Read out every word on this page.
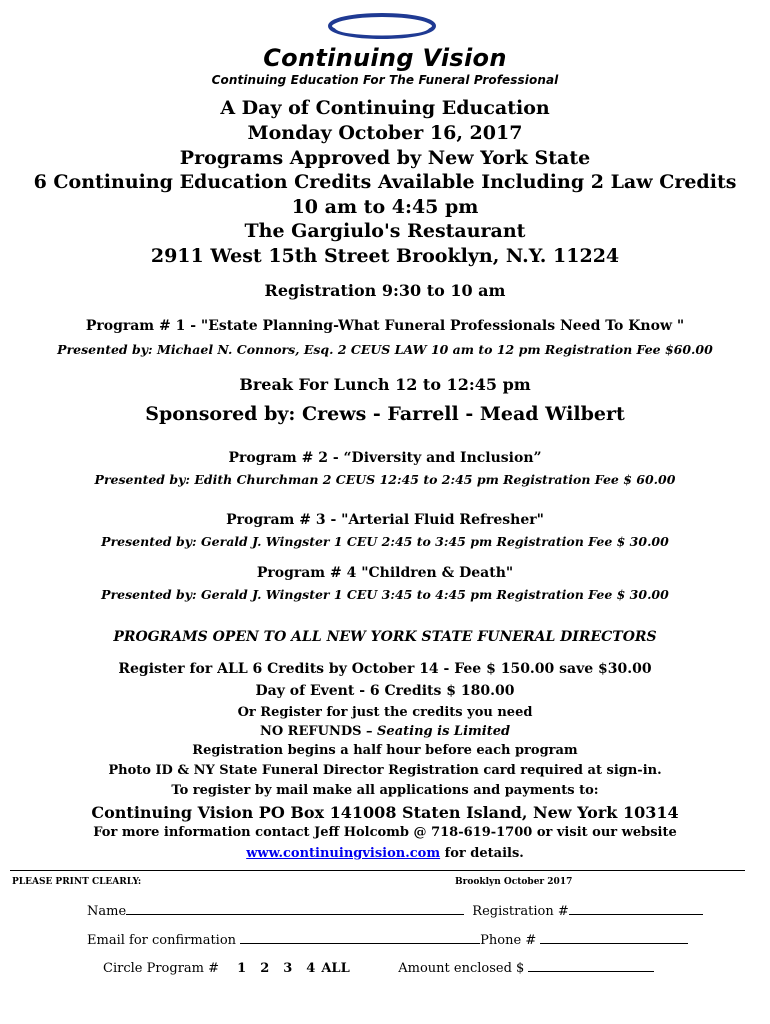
Continuing Vision
Continuing Education For The Funeral Professional
A Day of Continuing Education
Monday October 16, 2017
Programs Approved by New York State
6 Continuing Education Credits Available Including 2 Law Credits
10 am to 4:45 pm
The Gargiulo's Restaurant
2911 West 15th Street Brooklyn, N.Y. 11224
Registration 9:30 to 10 am
Program # 1 - "Estate Planning-What Funeral Professionals Need To Know "
Presented by: Michael N. Connors, Esq. 2 CEUS LAW 10 am to 12 pm Registration Fee $60.00
Break For Lunch 12 to 12:45 pm
Sponsored by: Crews - Farrell - Mead Wilbert
Program # 2 - “Diversity and Inclusion”
Presented by: Edith Churchman 2 CEUS 12:45 to 2:45 pm Registration Fee $ 60.00
Program # 3 - "Arterial Fluid Refresher"
Presented by: Gerald J. Wingster 1 CEU 2:45 to 3:45 pm Registration Fee $ 30.00
Program # 4 "Children & Death"
Presented by: Gerald J. Wingster 1 CEU 3:45 to 4:45 pm Registration Fee $ 30.00
PROGRAMS OPEN TO ALL NEW YORK STATE FUNERAL DIRECTORS
Register for ALL 6 Credits by October 14 - Fee $ 150.00 save $30.00
Day of Event - 6 Credits $ 180.00
Or Register for just the credits you need
NO REFUNDS – Seating is Limited
Registration begins a half hour before each program
Photo ID & NY State Funeral Director Registration card required at sign-in.
To register by mail make all applications and payments to:
Continuing Vision PO Box 141008 Staten Island, New York 10314
For more information contact Jeff Holcomb @ 718-619-1700 or visit our website
www.continuingvision.com for details.
PLEASE PRINT CLEARLY:	Brooklyn October 2017
Name	Registration #
Email for confirmation	Phone #
Circle Program # 1 2 3 4 ALL	Amount enclosed $
